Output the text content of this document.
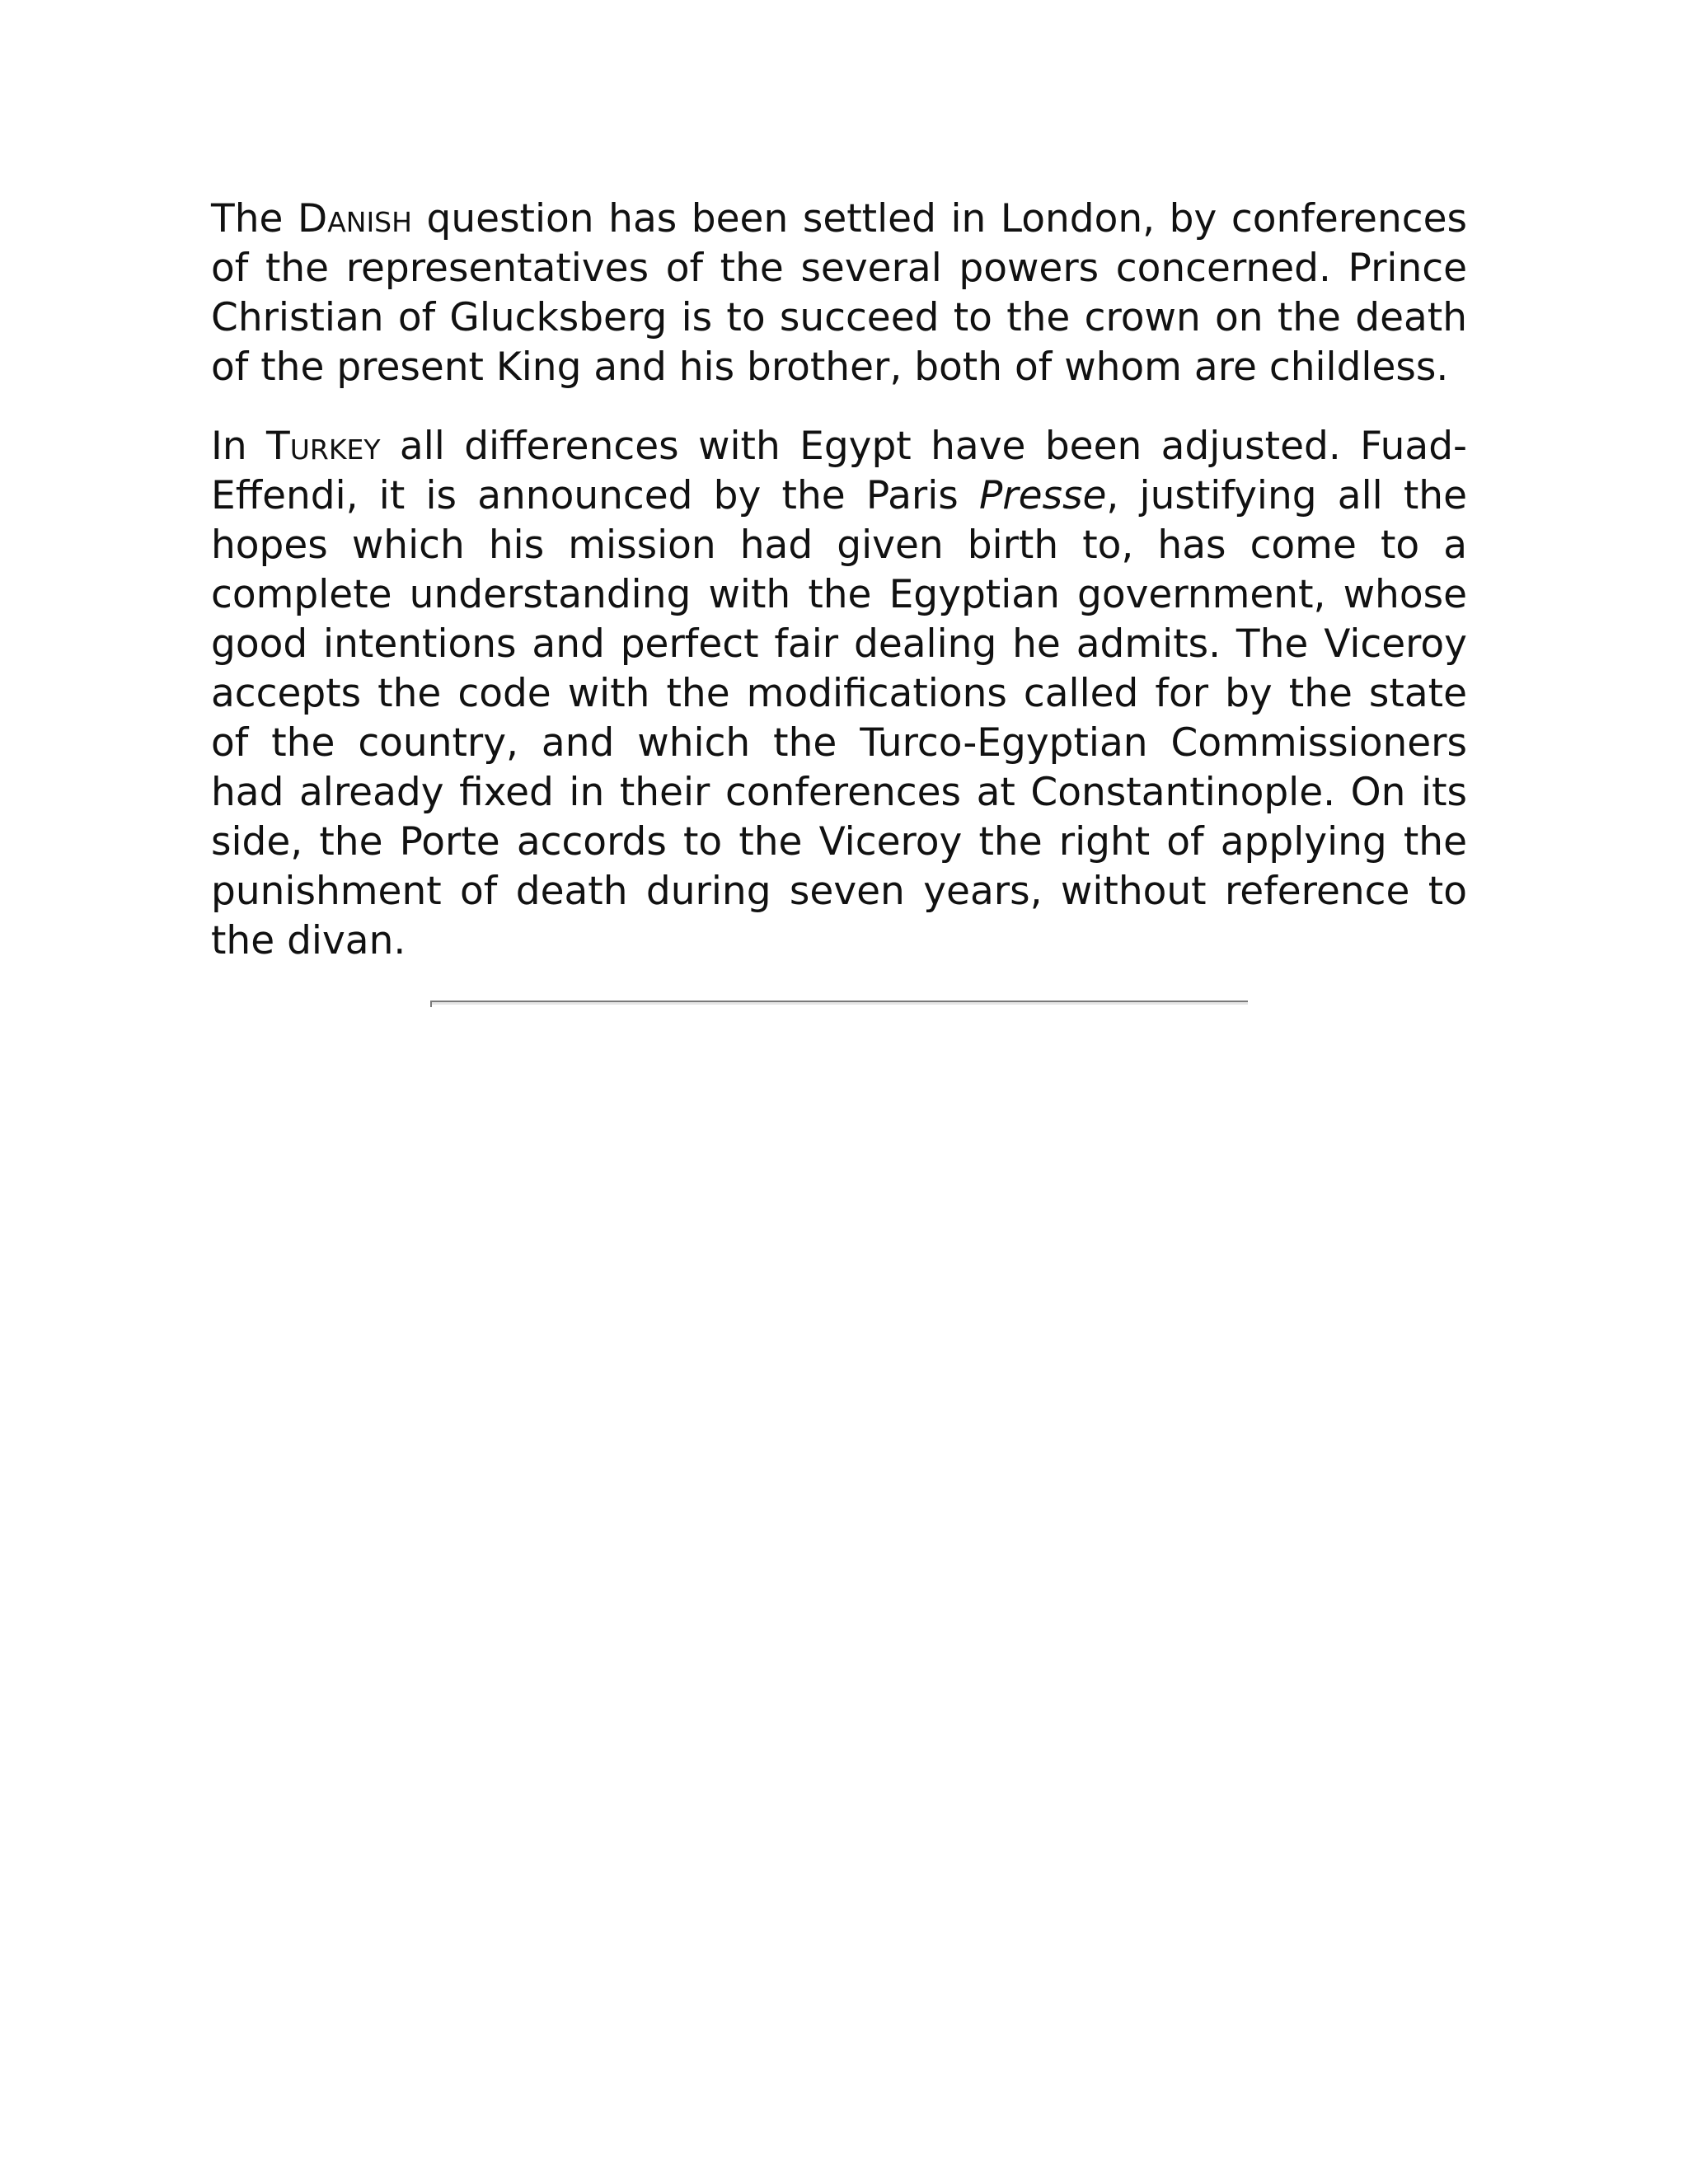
The Danish question has been settled in London, by conferences of the representatives of the several powers concerned. Prince Christian of Glucksberg is to succeed to the crown on the death of the present King and his brother, both of whom are childless.

In Turkey all differences with Egypt have been adjusted. Fuad-Effendi, it is announced by the Paris Presse, justifying all the hopes which his mission had given birth to, has come to a complete understanding with the Egyptian government, whose good intentions and perfect fair dealing he admits. The Viceroy accepts the code with the modifications called for by the state of the country, and which the Turco-Egyptian Commissioners had already fixed in their conferences at Constantinople. On its side, the Porte accords to the Viceroy the right of applying the punishment of death during seven years, without reference to the divan.
